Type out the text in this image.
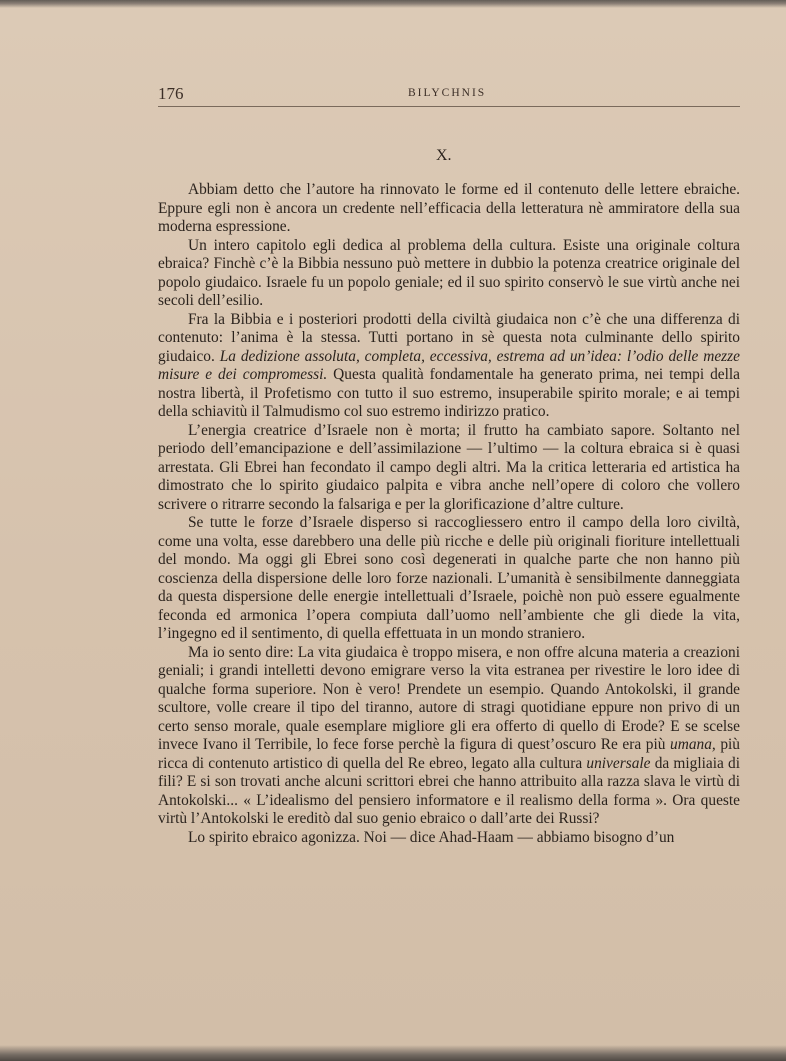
176	BILYCHNIS
X.

Abbiam detto che l’autore ha rinnovato le forme ed il contenuto delle lettere ebraiche. Eppure egli non è ancora un credente nell’efficacia della letteratura nè ammiratore della sua moderna espressione.

Un intero capitolo egli dedica al problema della cultura. Esiste una originale coltura ebraica? Finchè c’è la Bibbia nessuno può mettere in dubbio la potenza creatrice originale del popolo giudaico. Israele fu un popolo geniale; ed il suo spirito conservò le sue virtù anche nei secoli dell’esilio.

Fra la Bibbia e i posteriori prodotti della civiltà giudaica non c’è che una differenza di contenuto: l’anima è la stessa. Tutti portano in sè questa nota culminante dello spirito giudaico. La dedizione assoluta, completa, eccessiva, estrema ad un’idea: l’odio delle mezze misure e dei compromessi. Questa qualità fondamentale ha generato prima, nei tempi della nostra libertà, il Profetismo con tutto il suo estremo, insuperabile spirito morale; e ai tempi della schiavitù il Talmudismo col suo estremo indirizzo pratico.

L’energia creatrice d’Israele non è morta; il frutto ha cambiato sapore. Soltanto nel periodo dell’emancipazione e dell’assimilazione — l’ultimo — la coltura ebraica si è quasi arrestata. Gli Ebrei han fecondato il campo degli altri. Ma la critica letteraria ed artistica ha dimostrato che lo spirito giudaico palpita e vibra anche nell’opere di coloro che vollero scrivere o ritrarre secondo la falsariga e per la glorificazione d’altre culture.

Se tutte le forze d’Israele disperso si raccogliessero entro il campo della loro civiltà, come una volta, esse darebbero una delle più ricche e delle più originali fioriture intellettuali del mondo. Ma oggi gli Ebrei sono così degenerati in qualche parte che non hanno più coscienza della dispersione delle loro forze nazionali. L’umanità è sensibilmente danneggiata da questa dispersione delle energie intellettuali d’Israele, poichè non può essere egualmente feconda ed armonica l’opera compiuta dall’uomo nell’ambiente che gli diede la vita, l’ingegno ed il sentimento, di quella effettuata in un mondo straniero.

Ma io sento dire: La vita giudaica è troppo misera, e non offre alcuna materia a creazioni geniali; i grandi intelletti devono emigrare verso la vita estranea per rivestire le loro idee di qualche forma superiore. Non è vero! Prendete un esempio. Quando Antokolski, il grande scultore, volle creare il tipo del tiranno, autore di stragi quotidiane eppure non privo di un certo senso morale, quale esemplare migliore gli era offerto di quello di Erode? E se scelse invece Ivano il Terribile, lo fece forse perchè la figura di quest’oscuro Re era più umana, più ricca di contenuto artistico di quella del Re ebreo, legato alla cultura universale da migliaia di fili? E si son trovati anche alcuni scrittori ebrei che hanno attribuito alla razza slava le virtù di Antokolski... « L’idealismo del pensiero informatore e il realismo della forma ». Ora queste virtù l’Antokolski le ereditò dal suo genio ebraico o dall’arte dei Russi?

Lo spirito ebraico agonizza. Noi — dice Ahad-Haam — abbiamo bisogno d’un
